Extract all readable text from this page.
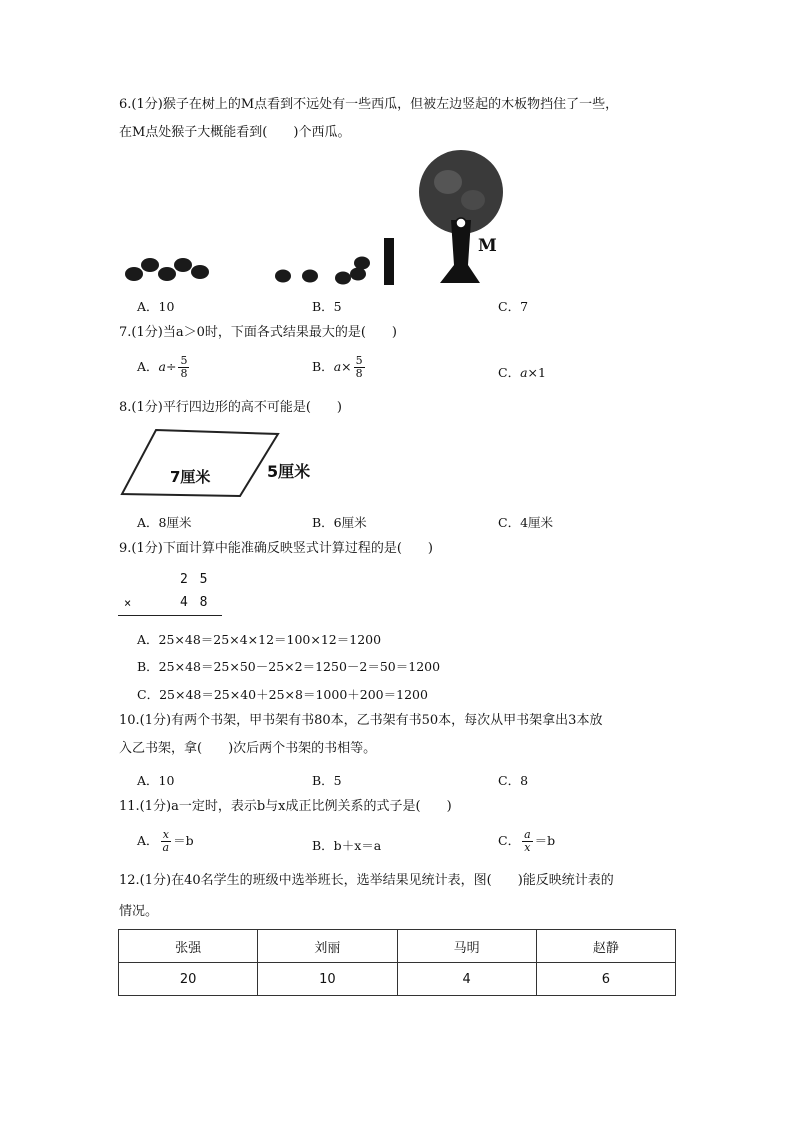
6.(1分)猴子在树上的M点看到不远处有一些西瓜，但被左边竖起的木板物挡住了一些，
在M点处猴子大概能看到(　　)个西瓜。
M
A．10	B．5	C．7
7.(1分)当a＞0时，下面各式结果最大的是(　　)
A．$a\div \frac{5}{8}$	B．$a\times \frac{5}{8}$	C．a×1
8.(1分)平行四边形的高不可能是(　　)
7厘米	5厘米
A．8厘米	B．6厘米	C．4厘米
9.(1分)下面计算中能准确反映竖式计算过程的是(　　)
2 5
×	4 8
A．25×48＝25×4×12＝100×12＝1200
B．25×48＝25×50－25×2＝1250－2＝50＝1200
C．25×48＝25×40＋25×8＝1000＋200＝1200
10.(1分)有两个书架，甲书架有书80本，乙书架有书50本，每次从甲书架拿出3本放
入乙书架，拿(　　)次后两个书架的书相等。
A．10	B．5	C．8
11.(1分)a一定时，表示b与x成正比例关系的式子是(　　)
A． $\frac{x}{a} =b$	B．b＋x＝a	C． $\frac{a}{x} =b$
12.(1分)在40名学生的班级中选举班长，选举结果见统计表，图(　　)能反映统计表的
情况。
张强	刘丽	马明	赵静
20	10	4	6
